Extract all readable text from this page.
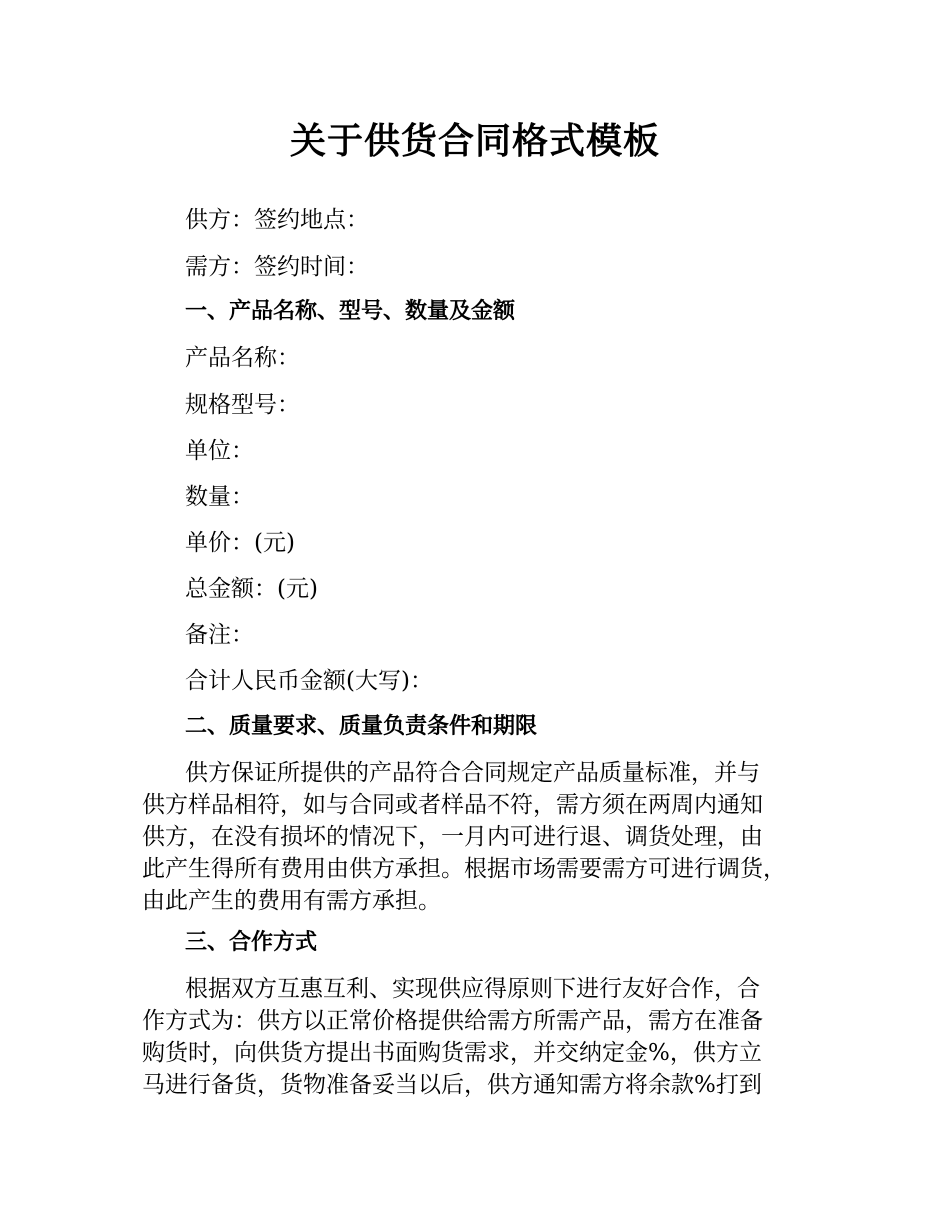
关于供货合同格式模板

供方：签约地点：

需方：签约时间：

一、产品名称、型号、数量及金额

产品名称：

规格型号：

单位：

数量：

单价：(元)

总金额：(元)

备注：

合计人民币金额(大写)：

二、质量要求、质量负责条件和期限

供方保证所提供的产品符合合同规定产品质量标准，并与
供方样品相符，如与合同或者样品不符，需方须在两周内通知
供方，在没有损坏的情况下，一月内可进行退、调货处理，由
此产生得所有费用由供方承担。根据市场需要需方可进行调货，
由此产生的费用有需方承担。

三、合作方式

根据双方互惠互利、实现供应得原则下进行友好合作，合
作方式为：供方以正常价格提供给需方所需产品，需方在准备
购货时，向供货方提出书面购货需求，并交纳定金%，供方立
马进行备货，货物准备妥当以后，供方通知需方将余款%打到
